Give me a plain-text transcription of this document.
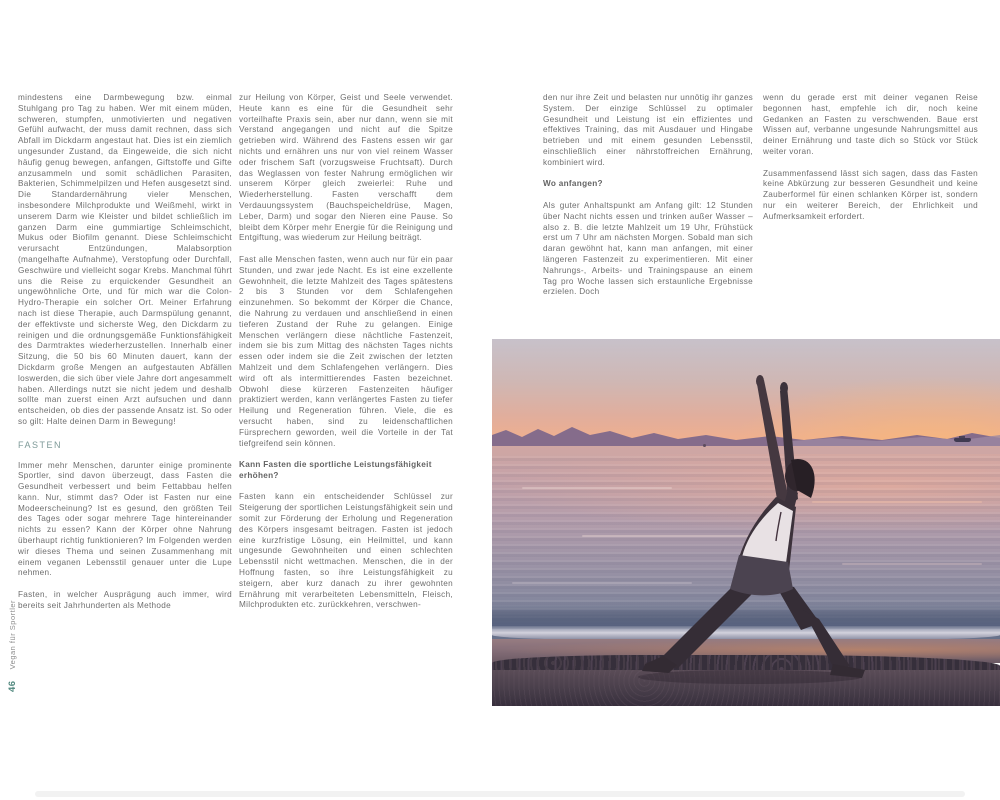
mindestens eine Darmbewegung bzw. einmal Stuhlgang pro Tag zu haben. Wer mit einem müden, schweren, stumpfen, unmotivierten und negativen Gefühl aufwacht, der muss damit rechnen, dass sich Abfall im Dickdarm angestaut hat. Dies ist ein ziemlich ungesunder Zustand, da Eingeweide, die sich nicht häufig genug bewegen, anfangen, Giftstoffe und Gifte anzusammeln und somit schädlichen Parasiten, Bakterien, Schimmelpilzen und Hefen ausgesetzt sind. Die Standardernährung vieler Menschen, insbesondere Milchprodukte und Weißmehl, wirkt in unserem Darm wie Kleister und bildet schließlich im ganzen Darm eine gummiartige Schleimschicht, Mukus oder Biofilm genannt. Diese Schleimschicht verursacht Entzündungen, Malabsorption (mangelhafte Aufnahme), Verstopfung oder Durchfall, Geschwüre und vielleicht sogar Krebs. Manchmal führt uns die Reise zu erquickender Gesundheit an ungewöhnliche Orte, und für mich war die Colon-Hydro-Therapie ein solcher Ort. Meiner Erfahrung nach ist diese Therapie, auch Darmspülung genannt, der effektivste und sicherste Weg, den Dickdarm zu reinigen und die ordnungsgemäße Funktionsfähigkeit des Darmtraktes wiederherzustellen. Innerhalb einer Sitzung, die 50 bis 60 Minuten dauert, kann der Dickdarm große Mengen an aufgestauten Abfällen loswerden, die sich über viele Jahre dort angesammelt haben. Allerdings nutzt sie nicht jedem und deshalb sollte man zuerst einen Arzt aufsuchen und dann entscheiden, ob dies der passende Ansatz ist. So oder so gilt: Halte deinen Darm in Bewegung!

FASTEN

Immer mehr Menschen, darunter einige prominente Sportler, sind davon überzeugt, dass Fasten die Gesundheit verbessert und beim Fettabbau helfen kann. Nur, stimmt das? Oder ist Fasten nur eine Modeerscheinung? Ist es gesund, den größten Teil des Tages oder sogar mehrere Tage hintereinander nichts zu essen? Kann der Körper ohne Nahrung überhaupt richtig funktionieren? Im Folgenden werden wir dieses Thema und seinen Zusammenhang mit einem veganen Lebensstil genauer unter die Lupe nehmen.

Fasten, in welcher Ausprägung auch immer, wird bereits seit Jahrhunderten als Methode

zur Heilung von Körper, Geist und Seele verwendet. Heute kann es eine für die Gesundheit sehr vorteilhafte Praxis sein, aber nur dann, wenn sie mit Verstand angegangen und nicht auf die Spitze getrieben wird. Während des Fastens essen wir gar nichts und ernähren uns nur von viel reinem Wasser oder frischem Saft (vorzugsweise Fruchtsaft). Durch das Weglassen von fester Nahrung ermöglichen wir unserem Körper gleich zweierlei: Ruhe und Wiederherstellung. Fasten verschafft dem Verdauungssystem (Bauchspeicheldrüse, Magen, Leber, Darm) und sogar den Nieren eine Pause. So bleibt dem Körper mehr Energie für die Reinigung und Entgiftung, was wiederum zur Heilung beiträgt.

Fast alle Menschen fasten, wenn auch nur für ein paar Stunden, und zwar jede Nacht. Es ist eine exzellente Gewohnheit, die letzte Mahlzeit des Tages spätestens 2 bis 3 Stunden vor dem Schlafengehen einzunehmen. So bekommt der Körper die Chance, die Nahrung zu verdauen und anschließend in einen tieferen Zustand der Ruhe zu gelangen. Einige Menschen verlängern diese nächtliche Fastenzeit, indem sie bis zum Mittag des nächsten Tages nichts essen oder indem sie die Zeit zwischen der letzten Mahlzeit und dem Schlafengehen verlängern. Dies wird oft als intermittierendes Fasten bezeichnet. Obwohl diese kürzeren Fastenzeiten häufiger praktiziert werden, kann verlängertes Fasten zu tiefer Heilung und Regeneration führen. Viele, die es versucht haben, sind zu leidenschaftlichen Fürsprechern geworden, weil die Vorteile in der Tat tiefgreifend sein können.

Kann Fasten die sportliche Leistungsfähigkeit erhöhen?

Fasten kann ein entscheidender Schlüssel zur Steigerung der sportlichen Leistungsfähigkeit sein und somit zur Förderung der Erholung und Regeneration des Körpers insgesamt beitragen. Fasten ist jedoch eine kurzfristige Lösung, ein Heilmittel, und kann ungesunde Gewohnheiten und einen schlechten Lebensstil nicht wettmachen. Menschen, die in der Hoffnung fasten, so ihre Leistungsfähigkeit zu steigern, aber kurz danach zu ihrer gewohnten Ernährung mit verarbeiteten Lebensmitteln, Fleisch, Milchprodukten etc. zurückkehren, verschwen-

den nur ihre Zeit und belasten nur unnötig ihr ganzes System. Der einzige Schlüssel zu optimaler Gesundheit und Leistung ist ein effizientes und effektives Training, das mit Ausdauer und Hingabe betrieben und mit einem gesunden Lebensstil, einschließlich einer nährstoffreichen Ernährung, kombiniert wird.

Wo anfangen?

Als guter Anhaltspunkt am Anfang gilt: 12 Stunden über Nacht nichts essen und trinken außer Wasser – also z. B. die letzte Mahlzeit um 19 Uhr, Frühstück erst um 7 Uhr am nächsten Morgen. Sobald man sich daran gewöhnt hat, kann man anfangen, mit einer längeren Fastenzeit zu experimentieren. Mit einer Nahrungs-, Arbeits- und Trainingspause an einem Tag pro Woche lassen sich erstaunliche Ergebnisse erzielen. Doch

wenn du gerade erst mit deiner veganen Reise begonnen hast, empfehle ich dir, noch keine Gedanken an Fasten zu verschwenden. Baue erst Wissen auf, verbanne ungesunde Nahrungsmittel aus deiner Ernährung und taste dich so Stück vor Stück weiter voran.

Zusammenfassend lässt sich sagen, dass das Fasten keine Abkürzung zur besseren Gesundheit und keine Zauberformel für einen schlanken Körper ist, sondern nur ein weiterer Bereich, der Ehrlichkeit und Aufmerksamkeit erfordert.

46
Vegan für Sportler
